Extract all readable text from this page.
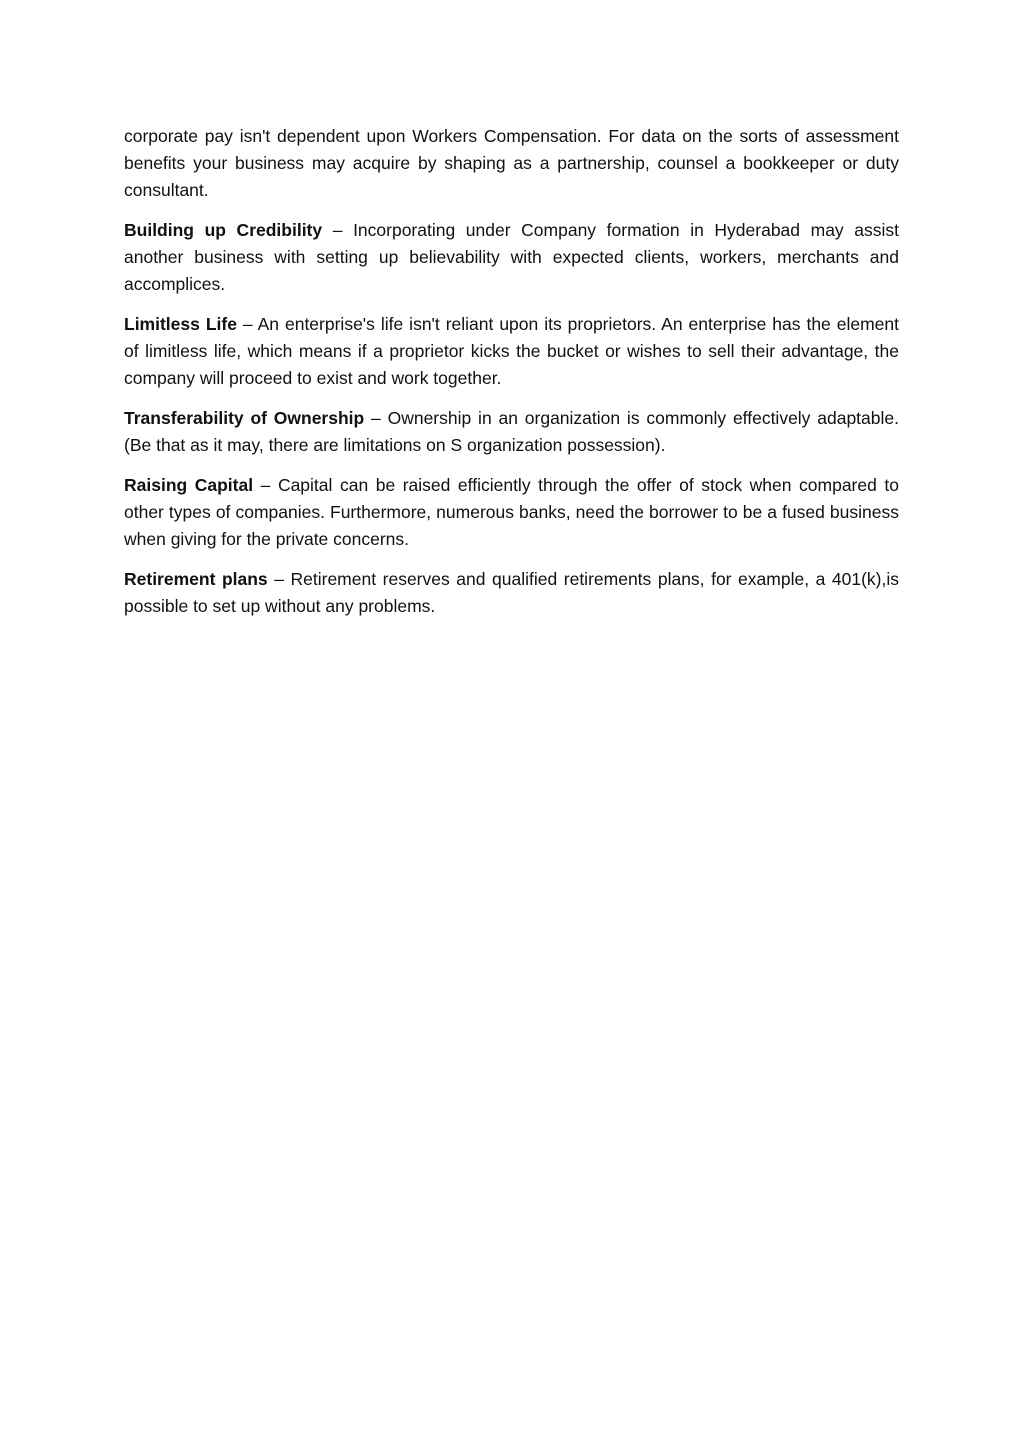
corporate pay isn't dependent upon Workers Compensation. For data on the sorts of assessment benefits your business may acquire by shaping as a partnership, counsel a bookkeeper or duty consultant.

Building up Credibility – Incorporating under Company formation in Hyderabad may assist another business with setting up believability with expected clients, workers, merchants and accomplices.

Limitless Life – An enterprise's life isn't reliant upon its proprietors. An enterprise has the element of limitless life, which means if a proprietor kicks the bucket or wishes to sell their advantage, the company will proceed to exist and work together.

Transferability of Ownership – Ownership in an organization is commonly effectively adaptable. (Be that as it may, there are limitations on S organization possession).

Raising Capital – Capital can be raised efficiently through the offer of stock when compared to other types of companies. Furthermore, numerous banks, need the borrower to be a fused business when giving for the private concerns.

Retirement plans – Retirement reserves and qualified retirements plans, for example, a 401(k),is possible to set up without any problems.
